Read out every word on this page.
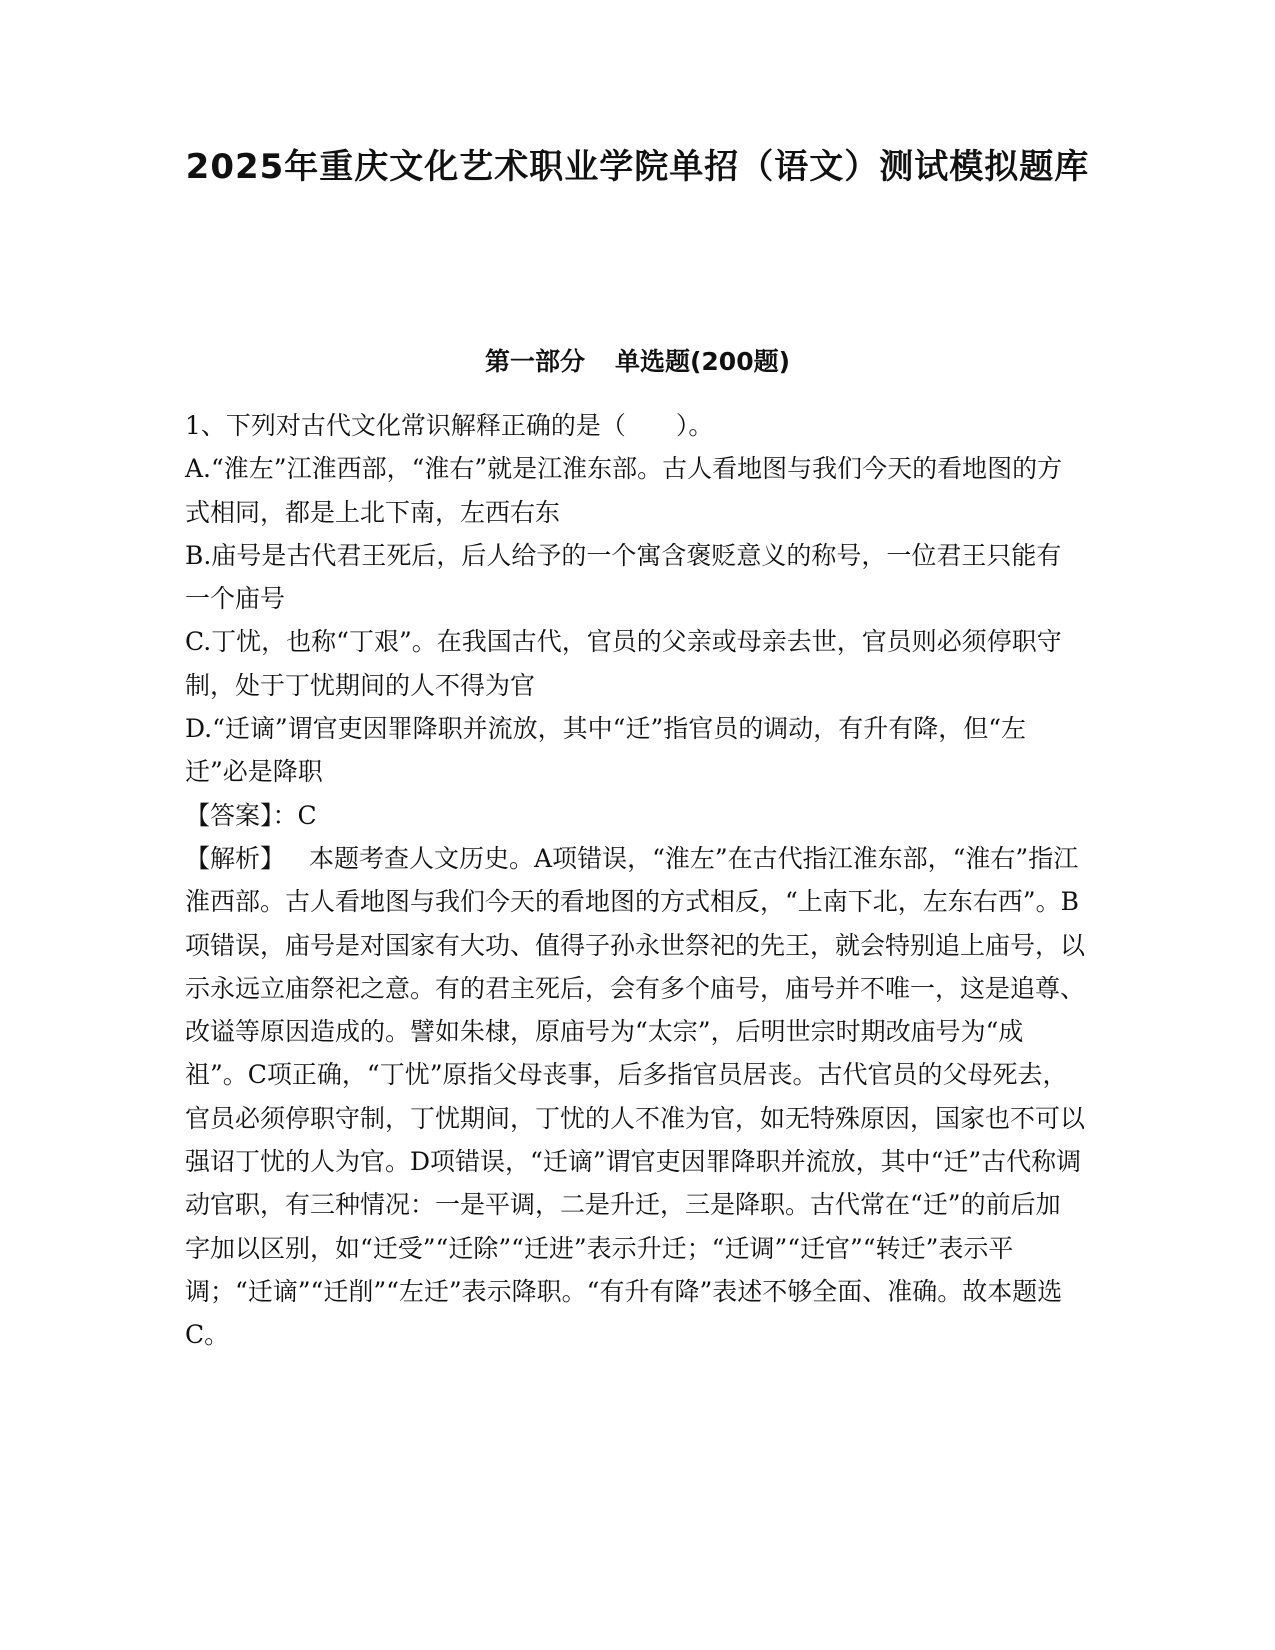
2025年重庆文化艺术职业学院单招（语文）测试模拟题库
第一部分 单选题(200题)

1、下列对古代文化常识解释正确的是（　　）。

A.“淮左”江淮西部，“淮右”就是江淮东部。古人看地图与我们今天的看地图的方式相同，都是上北下南，左西右东

B.庙号是古代君王死后，后人给予的一个寓含褒贬意义的称号，一位君王只能有一个庙号

C.丁忧，也称“丁艰”。在我国古代，官员的父亲或母亲去世，官员则必须停职守制，处于丁忧期间的人不得为官

D.“迁谪”谓官吏因罪降职并流放，其中“迁”指官员的调动，有升有降，但“左迁”必是降职

【答案】：C

【解析】 本题考查人文历史。A项错误，“淮左”在古代指江淮东部，“淮右”指江淮西部。古人看地图与我们今天的看地图的方式相反，“上南下北，左东右西”。B项错误，庙号是对国家有大功、值得子孙永世祭祀的先王，就会特别追上庙号，以示永远立庙祭祀之意。有的君主死后，会有多个庙号，庙号并不唯一，这是追尊、改谥等原因造成的。譬如朱棣，原庙号为“太宗”，后明世宗时期改庙号为“成祖”。C项正确，“丁忧”原指父母丧事，后多指官员居丧。古代官员的父母死去，官员必须停职守制，丁忧期间，丁忧的人不准为官，如无特殊原因，国家也不可以强诏丁忧的人为官。D项错误，“迁谪”谓官吏因罪降职并流放，其中“迁”古代称调动官职，有三种情况：一是平调，二是升迁，三是降职。古代常在“迁”的前后加字加以区别，如“迁受”“迁除”“迁进”表示升迁；“迁调”“迁官”“转迁”表示平调；“迁谪”“迁削”“左迁”表示降职。“有升有降”表述不够全面、准确。故本题选C。
